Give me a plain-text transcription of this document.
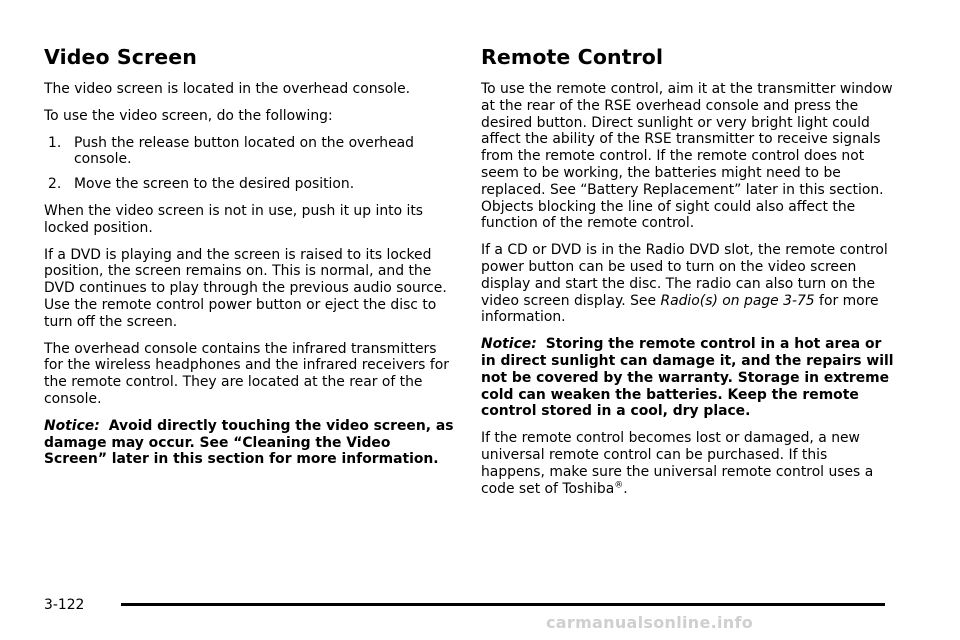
Video Screen

The video screen is located in the overhead console.

To use the video screen, do the following:

1. Push the release button located on the overhead console.
2. Move the screen to the desired position.

When the video screen is not in use, push it up into its locked position.

If a DVD is playing and the screen is raised to its locked position, the screen remains on. This is normal, and the DVD continues to play through the previous audio source. Use the remote control power button or eject the disc to turn off the screen.

The overhead console contains the infrared transmitters for the wireless headphones and the infrared receivers for the remote control. They are located at the rear of the console.

Notice: Avoid directly touching the video screen, as damage may occur. See “Cleaning the Video Screen” later in this section for more information.

Remote Control

To use the remote control, aim it at the transmitter window at the rear of the RSE overhead console and press the desired button. Direct sunlight or very bright light could affect the ability of the RSE transmitter to receive signals from the remote control. If the remote control does not seem to be working, the batteries might need to be replaced. See “Battery Replacement” later in this section. Objects blocking the line of sight could also affect the function of the remote control.

If a CD or DVD is in the Radio DVD slot, the remote control power button can be used to turn on the video screen display and start the disc. The radio can also turn on the video screen display. See Radio(s) on page 3-75 for more information.

Notice: Storing the remote control in a hot area or in direct sunlight can damage it, and the repairs will not be covered by the warranty. Storage in extreme cold can weaken the batteries. Keep the remote control stored in a cool, dry place.

If the remote control becomes lost or damaged, a new universal remote control can be purchased. If this happens, make sure the universal remote control uses a code set of Toshiba®.

3-122
carmanualsonline.info
